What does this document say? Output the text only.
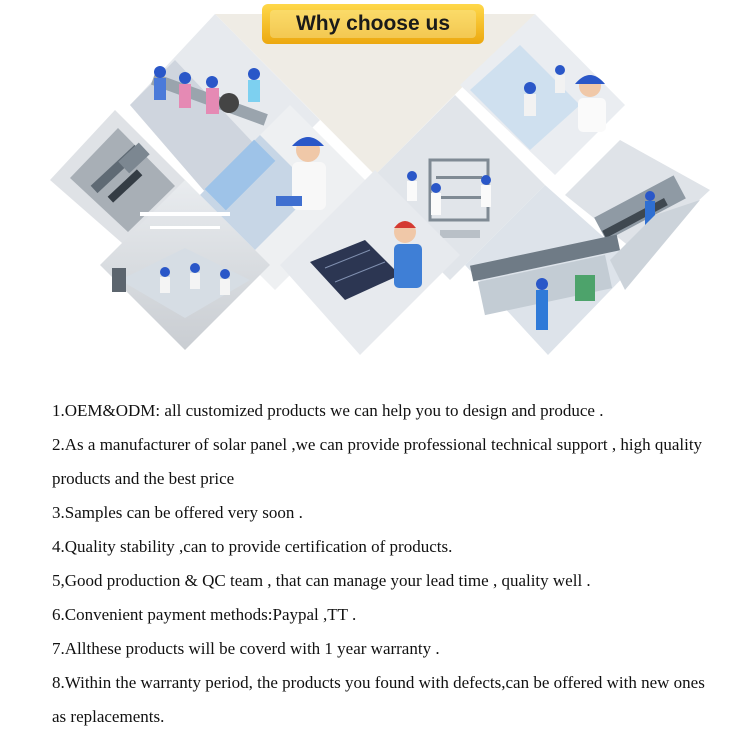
Why choose us

1.OEM&ODM: all customized products we can help you to design and produce .

2.As a manufacturer of solar panel ,we can provide professional technical support , high quality products and the best price

3.Samples can be offered very soon .

4.Quality stability ,can to provide certification of products.

5,Good production & QC team , that can manage your lead time , quality well .

6.Convenient payment methods:Paypal ,TT .

7.Allthese products will be coverd with 1 year warranty .

8.Within the warranty period, the products you found with defects,can be offered with new ones as replacements.
